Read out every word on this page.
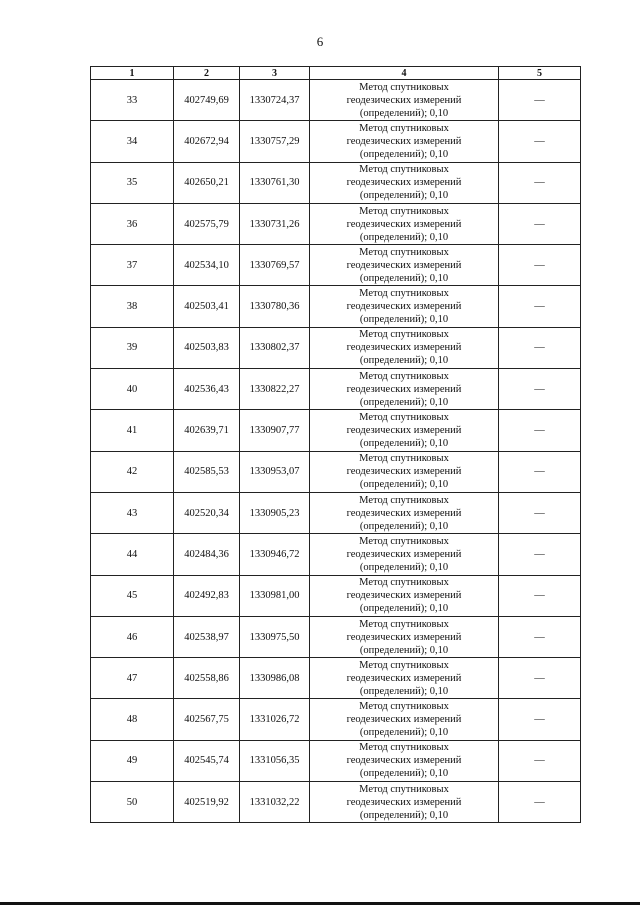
6
1	2	3	4	5
33	402749,69	1330724,37	Метод спутниковых
геодезических измерений
(определений); 0,10	—
34	402672,94	1330757,29	Метод спутниковых
геодезических измерений
(определений); 0,10	—
35	402650,21	1330761,30	Метод спутниковых
геодезических измерений
(определений); 0,10	—
36	402575,79	1330731,26	Метод спутниковых
геодезических измерений
(определений); 0,10	—
37	402534,10	1330769,57	Метод спутниковых
геодезических измерений
(определений); 0,10	—
38	402503,41	1330780,36	Метод спутниковых
геодезических измерений
(определений); 0,10	—
39	402503,83	1330802,37	Метод спутниковых
геодезических измерений
(определений); 0,10	—
40	402536,43	1330822,27	Метод спутниковых
геодезических измерений
(определений); 0,10	—
41	402639,71	1330907,77	Метод спутниковых
геодезических измерений
(определений); 0,10	—
42	402585,53	1330953,07	Метод спутниковых
геодезических измерений
(определений); 0,10	—
43	402520,34	1330905,23	Метод спутниковых
геодезических измерений
(определений); 0,10	—
44	402484,36	1330946,72	Метод спутниковых
геодезических измерений
(определений); 0,10	—
45	402492,83	1330981,00	Метод спутниковых
геодезических измерений
(определений); 0,10	—
46	402538,97	1330975,50	Метод спутниковых
геодезических измерений
(определений); 0,10	—
47	402558,86	1330986,08	Метод спутниковых
геодезических измерений
(определений); 0,10	—
48	402567,75	1331026,72	Метод спутниковых
геодезических измерений
(определений); 0,10	—
49	402545,74	1331056,35	Метод спутниковых
геодезических измерений
(определений); 0,10	—
50	402519,92	1331032,22	Метод спутниковых
геодезических измерений
(определений); 0,10	—
